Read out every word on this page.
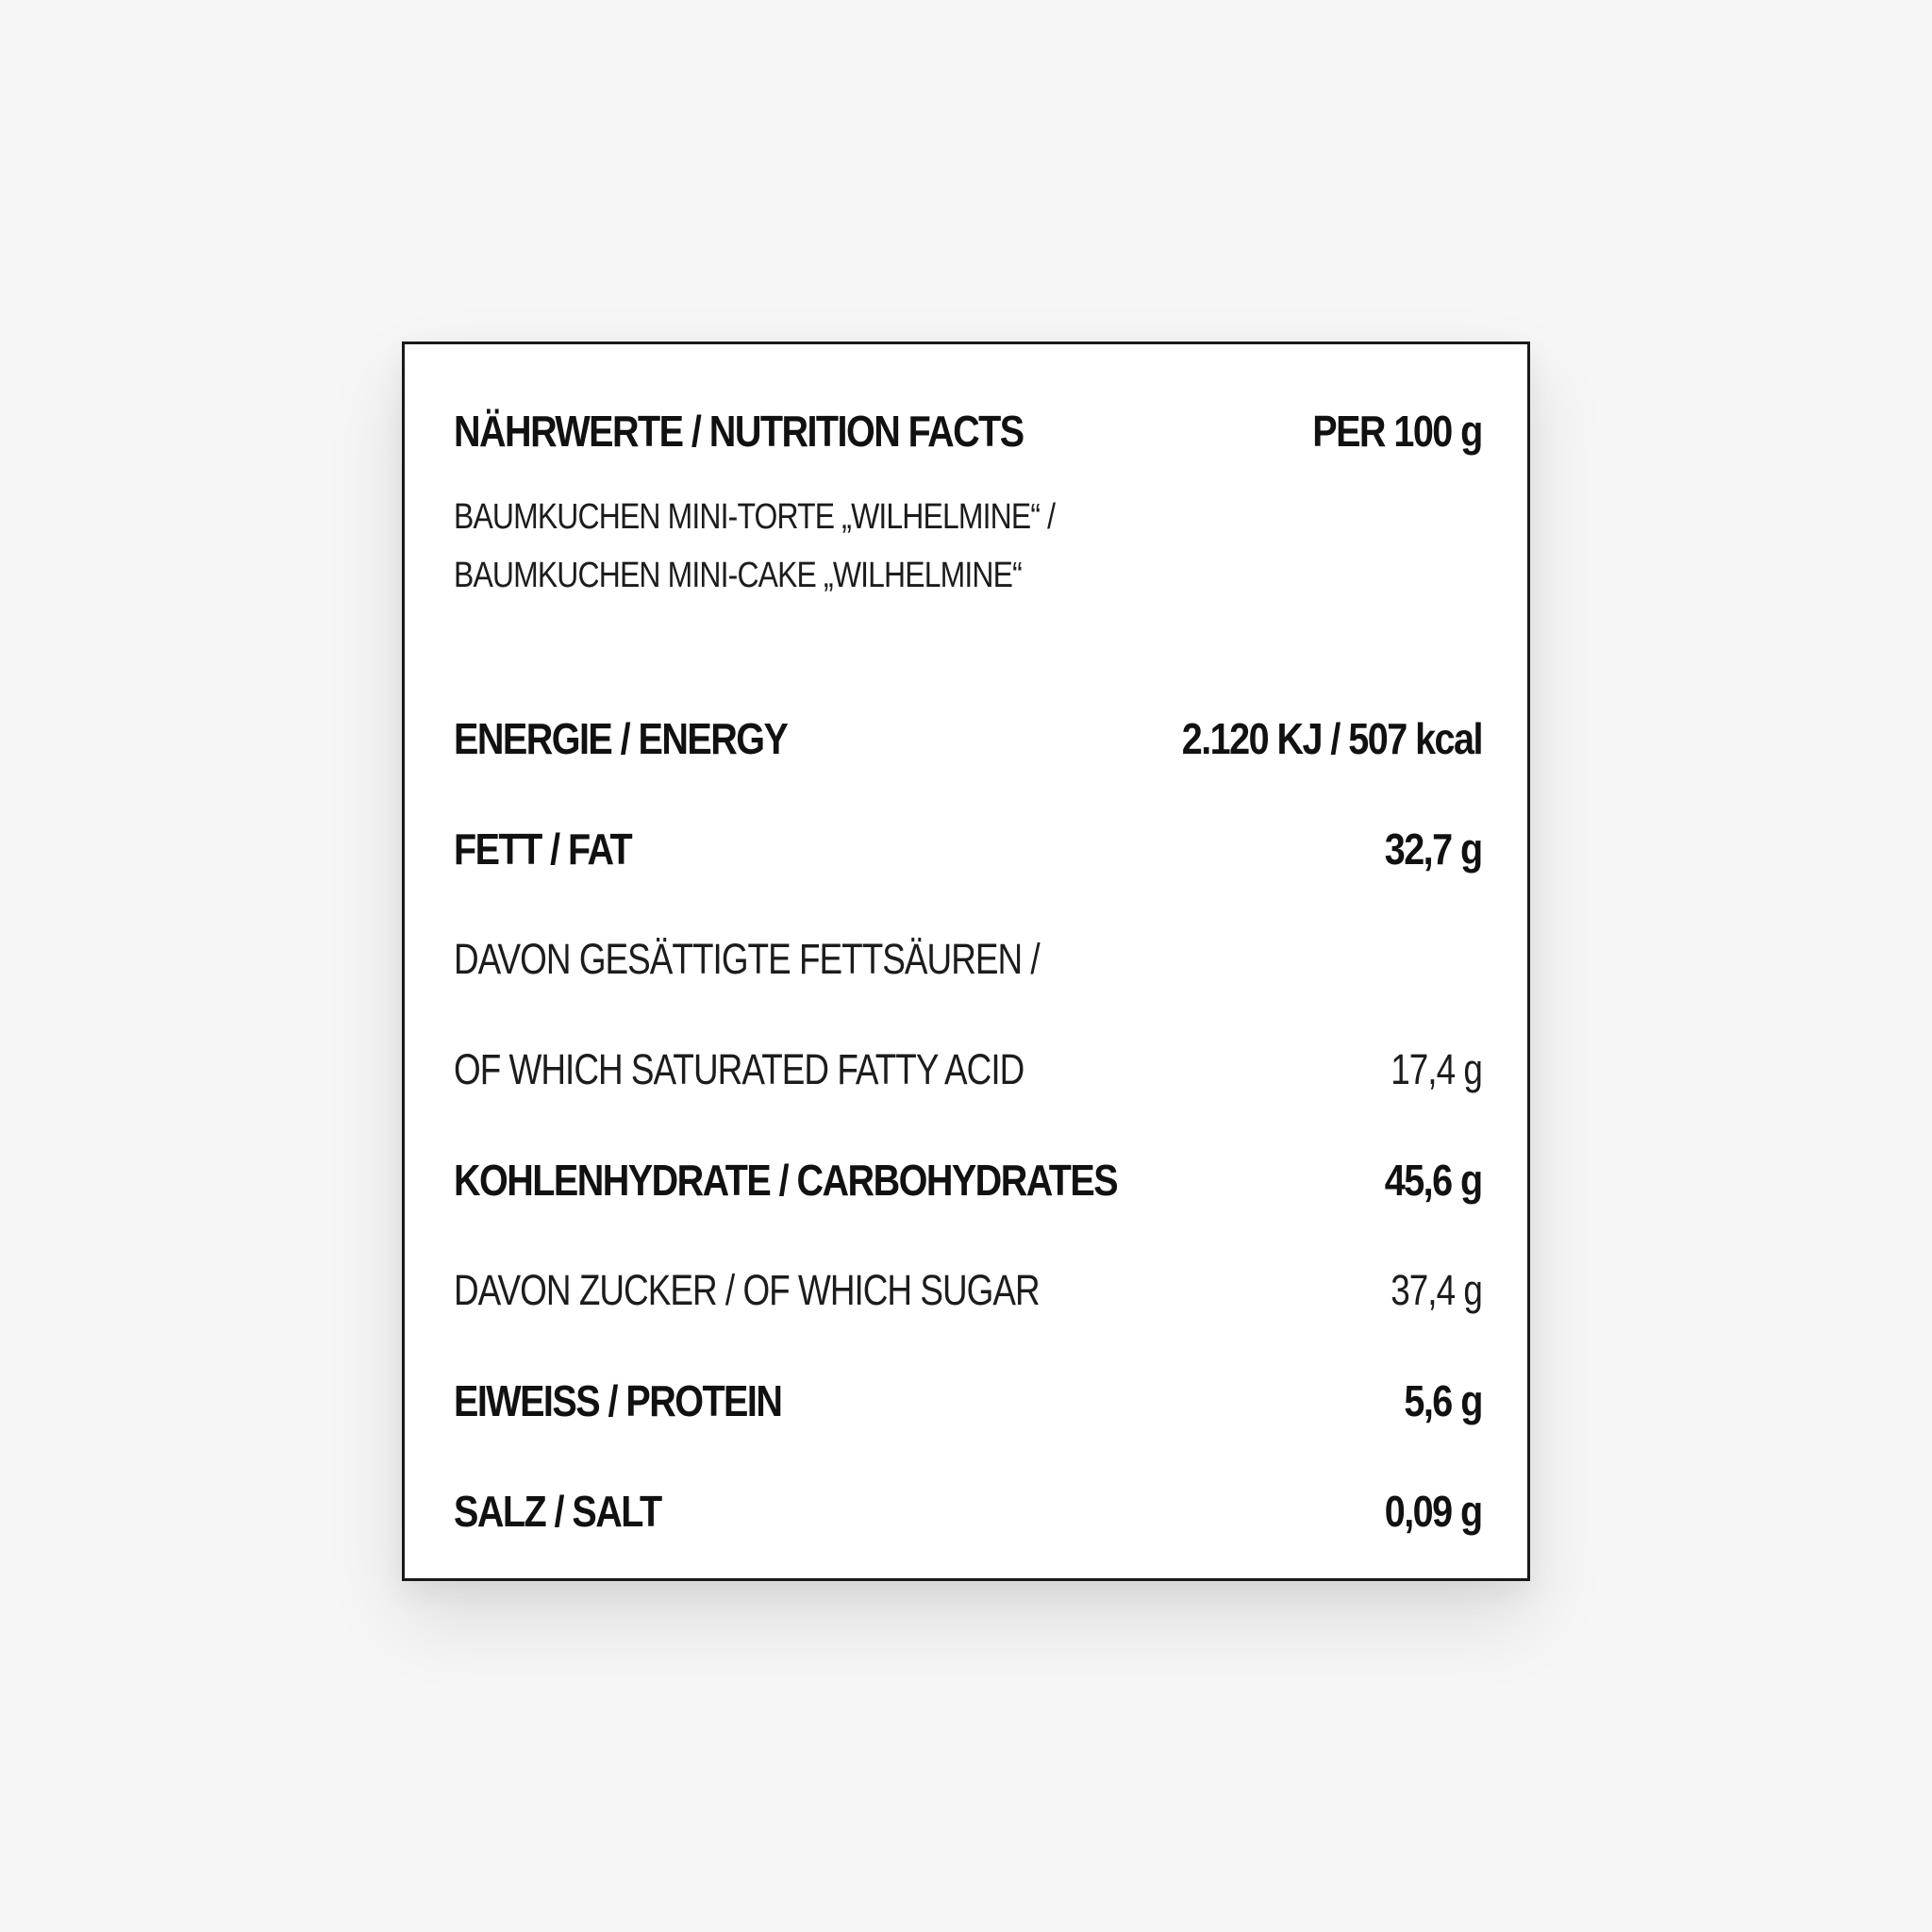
NÄHRWERTE / NUTRITION FACTS	PER 100 g
BAUMKUCHEN MINI-TORTE „WILHELMINE“ /
BAUMKUCHEN MINI-CAKE „WILHELMINE“
ENERGIE / ENERGY	2.120 KJ / 507 kcal
FETT / FAT	32,7 g
DAVON GESÄTTIGTE FETTSÄUREN /
OF WHICH SATURATED FATTY ACID	17,4 g
KOHLENHYDRATE / CARBOHYDRATES	45,6 g
DAVON ZUCKER / OF WHICH SUGAR	37,4 g
EIWEISS / PROTEIN	5,6 g
SALZ / SALT	0,09 g
